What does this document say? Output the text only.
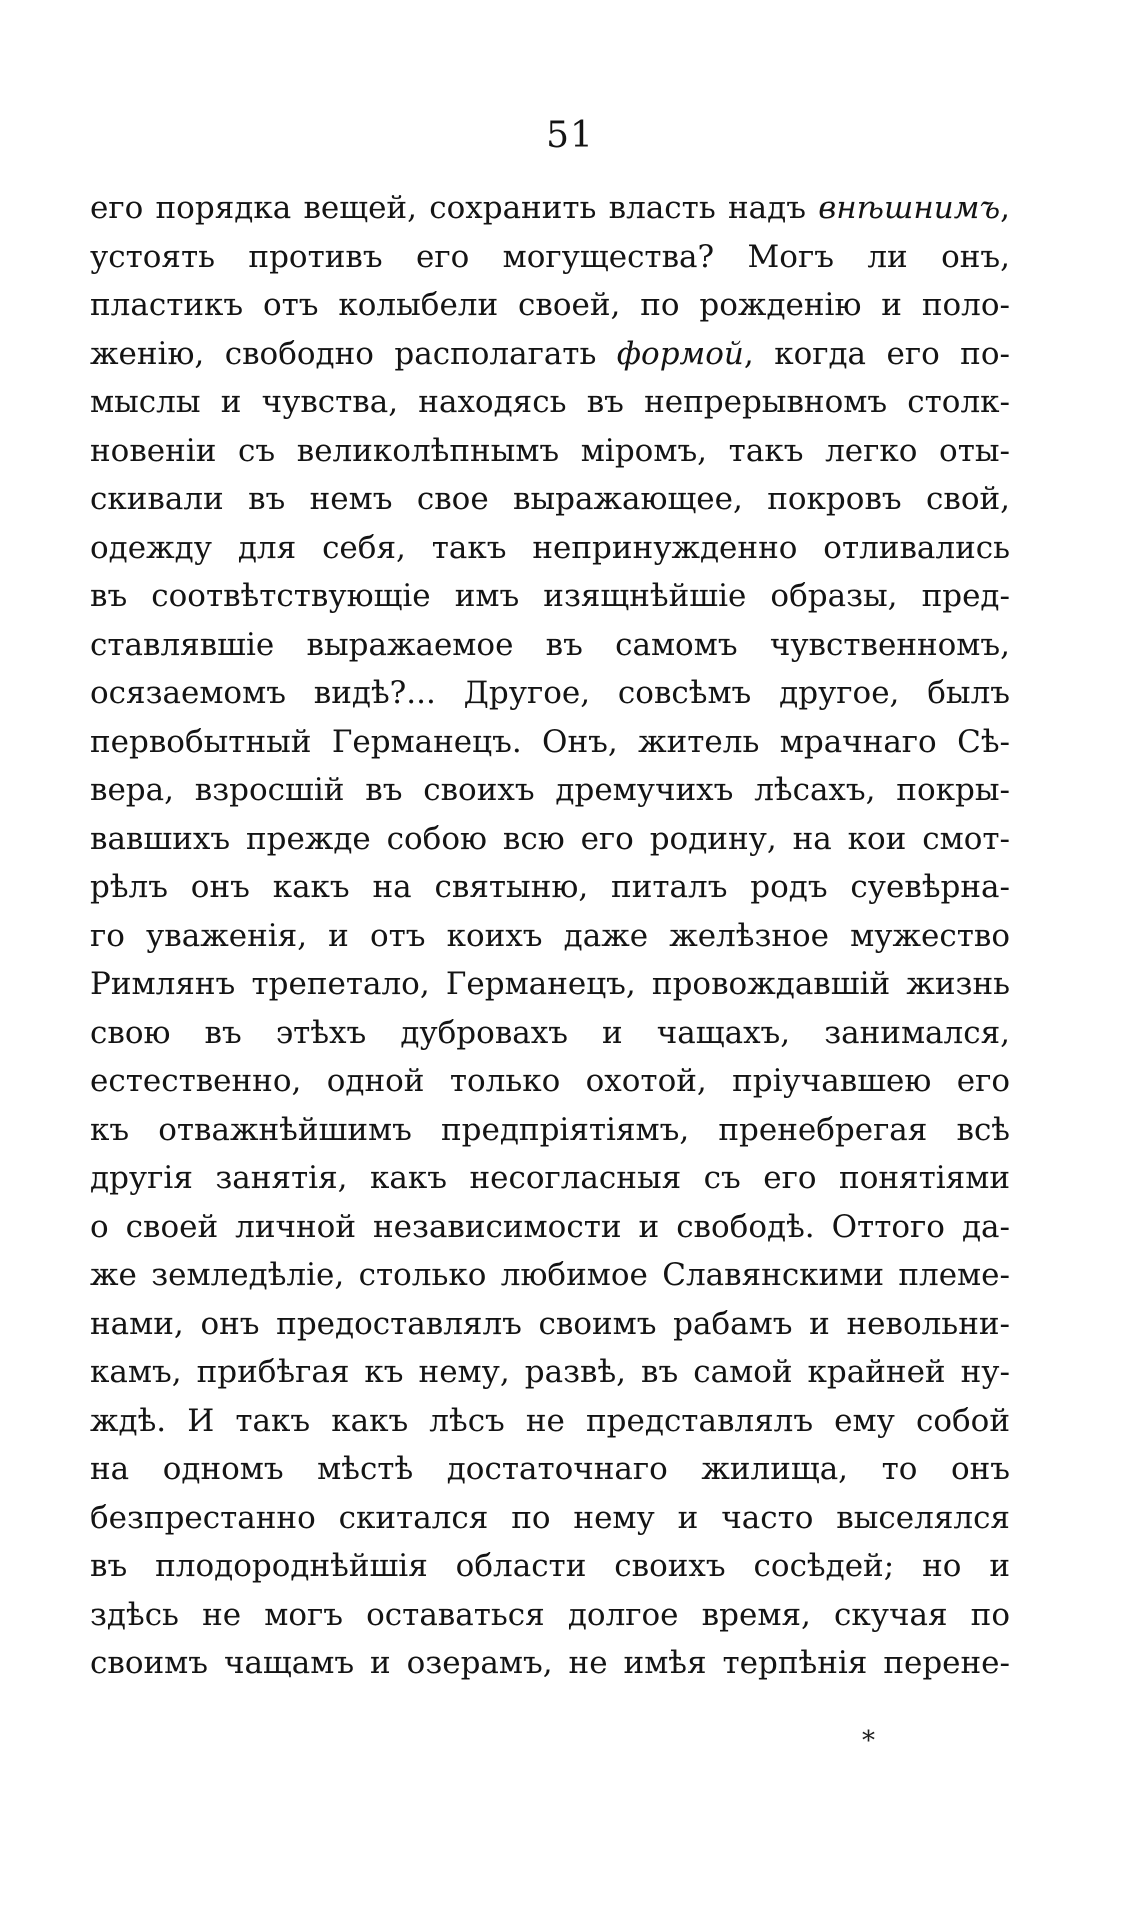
51
его порядка вещей, сохранить власть надъ внѣшнимъ,
устоять противъ его могущества? Могъ ли онъ,
пластикъ отъ колыбели своей, по рожденію и поло-
женію, свободно располагать формой, когда его по-
мыслы и чувства, находясь въ непрерывномъ столк-
новеніи съ великолѣпнымъ міромъ, такъ легко оты-
скивали въ немъ свое выражающее, покровъ свой,
одежду для себя, такъ непринужденно отливались
въ соотвѣтствующіе имъ изящнѣйшіе образы, пред-
ставлявшіе выражаемое въ самомъ чувственномъ,
осязаемомъ видѣ?... Другое, совсѣмъ другое, былъ
первобытный Германецъ. Онъ, житель мрачнаго Сѣ-
вера, взросшій въ своихъ дремучихъ лѣсахъ, покры-
вавшихъ прежде собою всю его родину, на кои смот-
рѣлъ онъ какъ на святыню, питалъ родъ суевѣрна-
го уваженія, и отъ коихъ даже желѣзное мужество
Римлянъ трепетало, Германецъ, провождавшій жизнь
свою въ этѣхъ дубровахъ и чащахъ, занимался,
естественно, одной только охотой, пріучавшею его
къ отважнѣйшимъ предпріятіямъ, пренебрегая всѣ
другія занятія, какъ несогласныя съ его понятіями
о своей личной независимости и свободѣ. Оттого да-
же земледѣліе, столько любимое Славянскими племе-
нами, онъ предоставлялъ своимъ рабамъ и невольни-
камъ, прибѣгая къ нему, развѣ, въ самой крайней ну-
ждѣ. И такъ какъ лѣсъ не представлялъ ему собой
на одномъ мѣстѣ достаточнаго жилища, то онъ
безпрестанно скитался по нему и часто выселялся
въ плодороднѣйшія области своихъ сосѣдей; но и
здѣсь не могъ оставаться долгое время, скучая по
своимъ чащамъ и озерамъ, не имѣя терпѣнія перене-
*
